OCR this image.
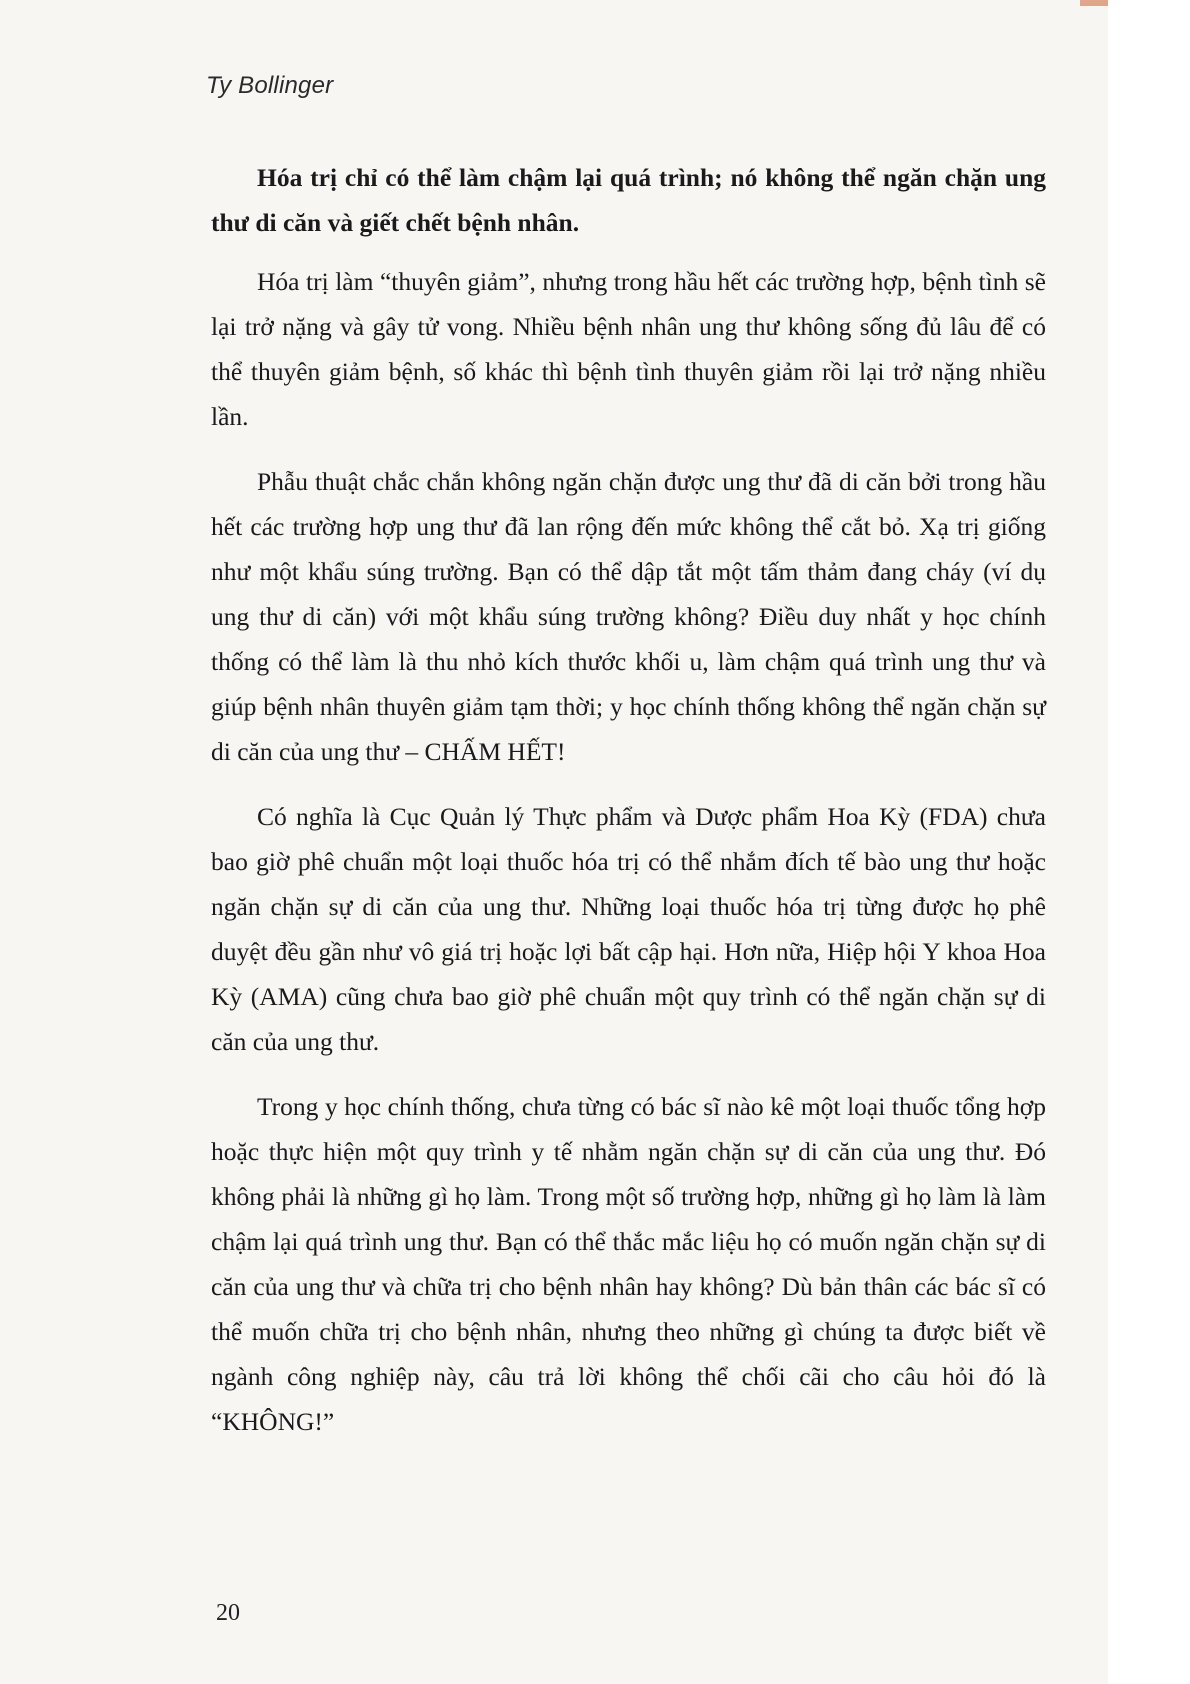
Ty Bollinger

Hóa trị chỉ có thể làm chậm lại quá trình; nó không thể ngăn chặn ung thư di căn và giết chết bệnh nhân.

Hóa trị làm “thuyên giảm”, nhưng trong hầu hết các trường hợp, bệnh tình sẽ lại trở nặng và gây tử vong. Nhiều bệnh nhân ung thư không sống đủ lâu để có thể thuyên giảm bệnh, số khác thì bệnh tình thuyên giảm rồi lại trở nặng nhiều lần.

Phẫu thuật chắc chắn không ngăn chặn được ung thư đã di căn bởi trong hầu hết các trường hợp ung thư đã lan rộng đến mức không thể cắt bỏ. Xạ trị giống như một khẩu súng trường. Bạn có thể dập tắt một tấm thảm đang cháy (ví dụ ung thư di căn) với một khẩu súng trường không? Điều duy nhất y học chính thống có thể làm là thu nhỏ kích thước khối u, làm chậm quá trình ung thư và giúp bệnh nhân thuyên giảm tạm thời; y học chính thống không thể ngăn chặn sự di căn của ung thư – CHẤM HẾT!

Có nghĩa là Cục Quản lý Thực phẩm và Dược phẩm Hoa Kỳ (FDA) chưa bao giờ phê chuẩn một loại thuốc hóa trị có thể nhắm đích tế bào ung thư hoặc ngăn chặn sự di căn của ung thư. Những loại thuốc hóa trị từng được họ phê duyệt đều gần như vô giá trị hoặc lợi bất cập hại. Hơn nữa, Hiệp hội Y khoa Hoa Kỳ (AMA) cũng chưa bao giờ phê chuẩn một quy trình có thể ngăn chặn sự di căn của ung thư.

Trong y học chính thống, chưa từng có bác sĩ nào kê một loại thuốc tổng hợp hoặc thực hiện một quy trình y tế nhằm ngăn chặn sự di căn của ung thư. Đó không phải là những gì họ làm. Trong một số trường hợp, những gì họ làm là làm chậm lại quá trình ung thư. Bạn có thể thắc mắc liệu họ có muốn ngăn chặn sự di căn của ung thư và chữa trị cho bệnh nhân hay không? Dù bản thân các bác sĩ có thể muốn chữa trị cho bệnh nhân, nhưng theo những gì chúng ta được biết về ngành công nghiệp này, câu trả lời không thể chối cãi cho câu hỏi đó là “KHÔNG!”

20
